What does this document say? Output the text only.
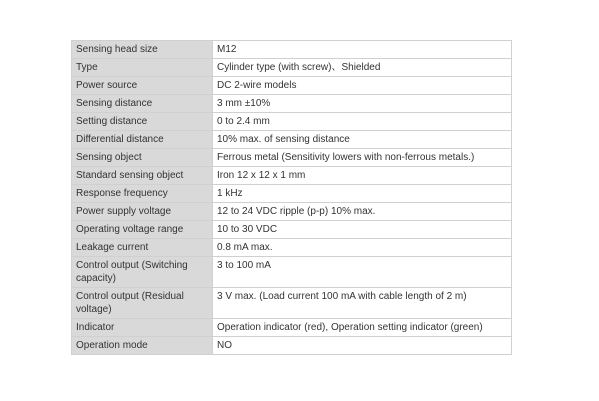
Sensing head size	M12
Type	Cylinder type (with screw)、Shielded
Power source	DC 2-wire models
Sensing distance	3 mm ±10%
Setting distance	0 to 2.4 mm
Differential distance	10% max. of sensing distance
Sensing object	Ferrous metal (Sensitivity lowers with non-ferrous metals.)
Standard sensing object	Iron 12 x 12 x 1 mm
Response frequency	1 kHz
Power supply voltage	12 to 24 VDC ripple (p-p) 10% max.
Operating voltage range	10 to 30 VDC
Leakage current	0.8 mA max.
Control output (Switching capacity)	3 to 100 mA
Control output (Residual voltage)	3 V max. (Load current 100 mA with cable length of 2 m)
Indicator	Operation indicator (red), Operation setting indicator (green)
Operation mode	NO
